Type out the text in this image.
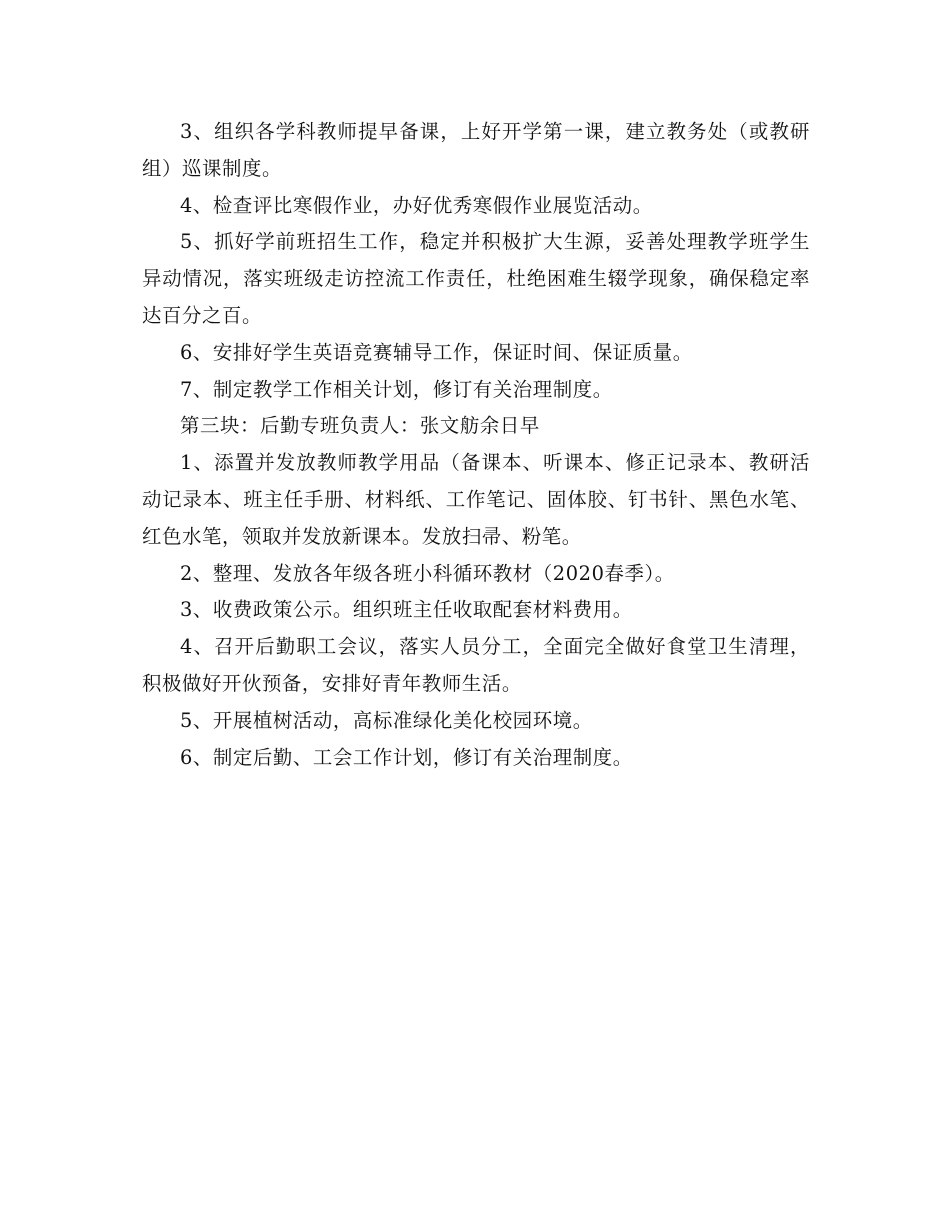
3、组织各学科教师提早备课，上好开学第一课，建立教务处（或教研组）巡课制度。

4、检查评比寒假作业，办好优秀寒假作业展览活动。

5、抓好学前班招生工作，稳定并积极扩大生源，妥善处理教学班学生异动情况，落实班级走访控流工作责任，杜绝困难生辍学现象，确保稳定率达百分之百。

6、安排好学生英语竞赛辅导工作，保证时间、保证质量。

7、制定教学工作相关计划，修订有关治理制度。

第三块：后勤专班负责人：张文舫余日早

1、添置并发放教师教学用品（备课本、听课本、修正记录本、教研活动记录本、班主任手册、材料纸、工作笔记、固体胶、钉书针、黑色水笔、红色水笔，领取并发放新课本。发放扫帚、粉笔。

2、整理、发放各年级各班小科循环教材（2020春季）。

3、收费政策公示。组织班主任收取配套材料费用。

4、召开后勤职工会议，落实人员分工，全面完全做好食堂卫生清理，积极做好开伙预备，安排好青年教师生活。

5、开展植树活动，高标准绿化美化校园环境。

6、制定后勤、工会工作计划，修订有关治理制度。
